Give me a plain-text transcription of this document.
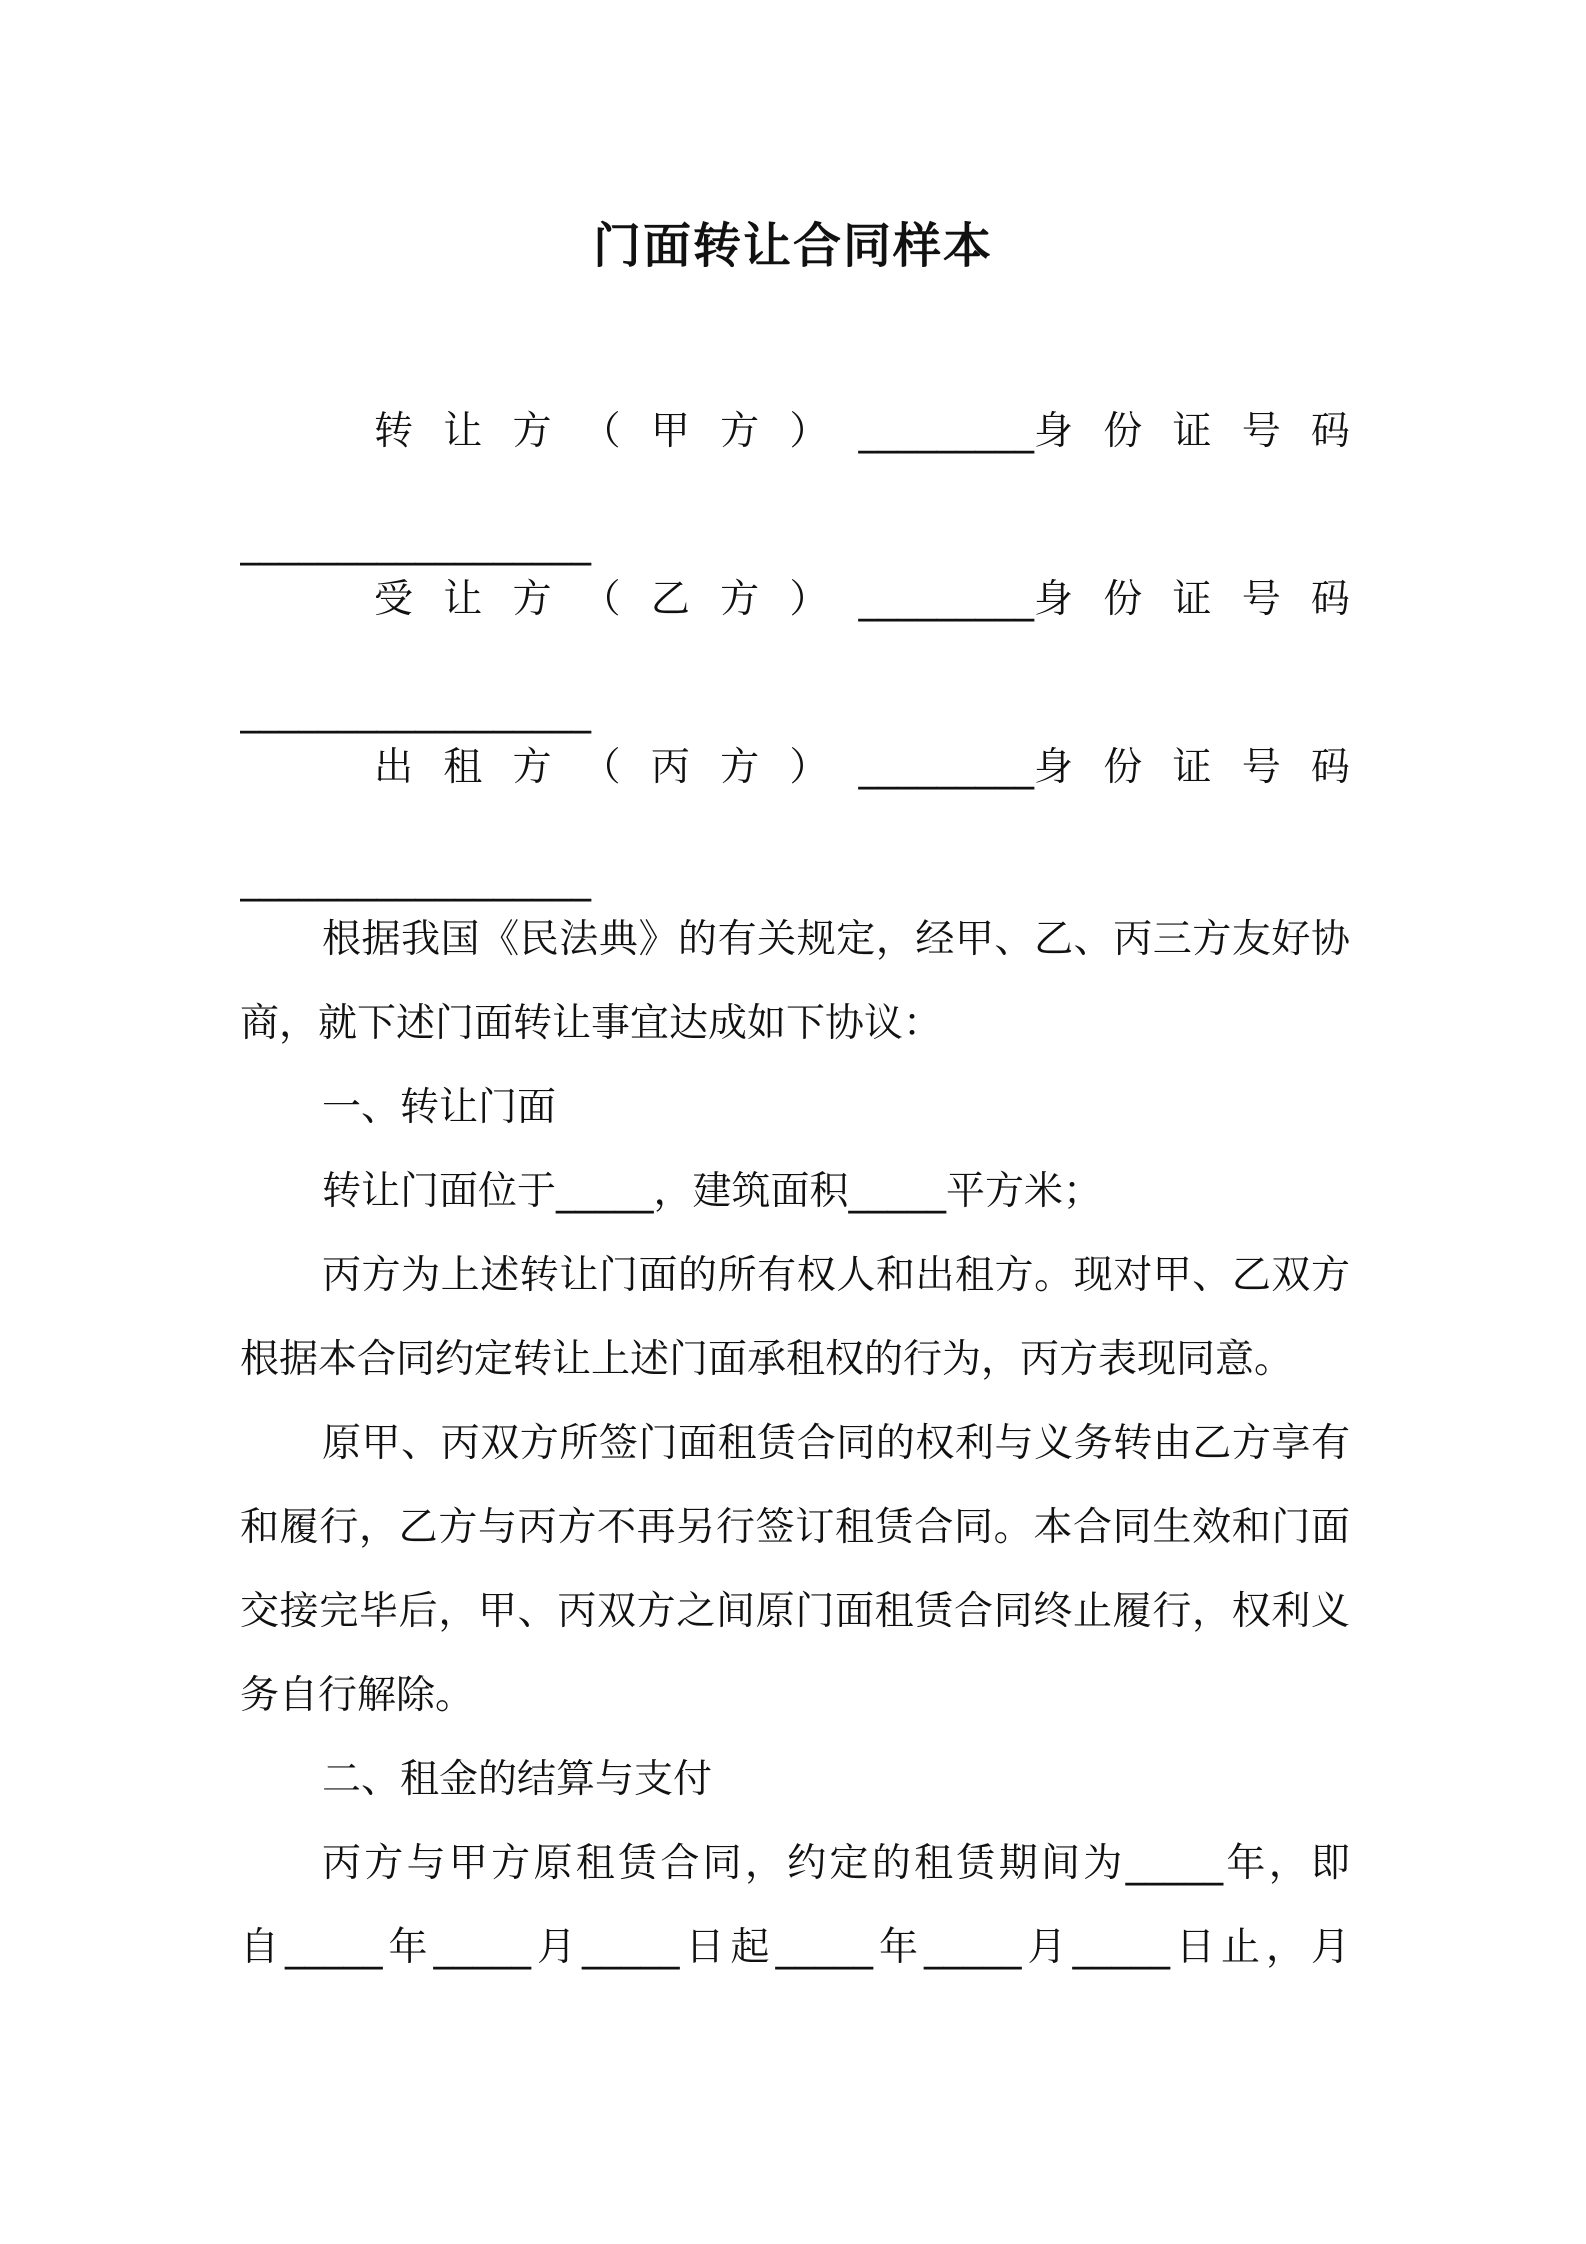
门面转让合同样本
转 让 方 （ 甲 方 ） _________身 份 证 号 码
__________________
受 让 方 （ 乙 方 ） _________身 份 证 号 码
__________________
出 租 方 （ 丙 方 ） _________身 份 证 号 码
__________________
根据我国《民法典》的有关规定，经甲、乙、丙三方友好协
商，就下述门面转让事宜达成如下协议：
一、转让门面
转让门面位于_____，建筑面积_____平方米；
丙方为上述转让门面的所有权人和出租方。现对甲、乙双方
根据本合同约定转让上述门面承租权的行为，丙方表现同意。
原甲、丙双方所签门面租赁合同的权利与义务转由乙方享有
和履行，乙方与丙方不再另行签订租赁合同。本合同生效和门面
交接完毕后，甲、丙双方之间原门面租赁合同终止履行，权利义
务自行解除。
二、租金的结算与支付
丙方与甲方原租赁合同，约定的租赁期间为_____年，即
自_____年_____月_____日起_____年_____月_____日止，月
